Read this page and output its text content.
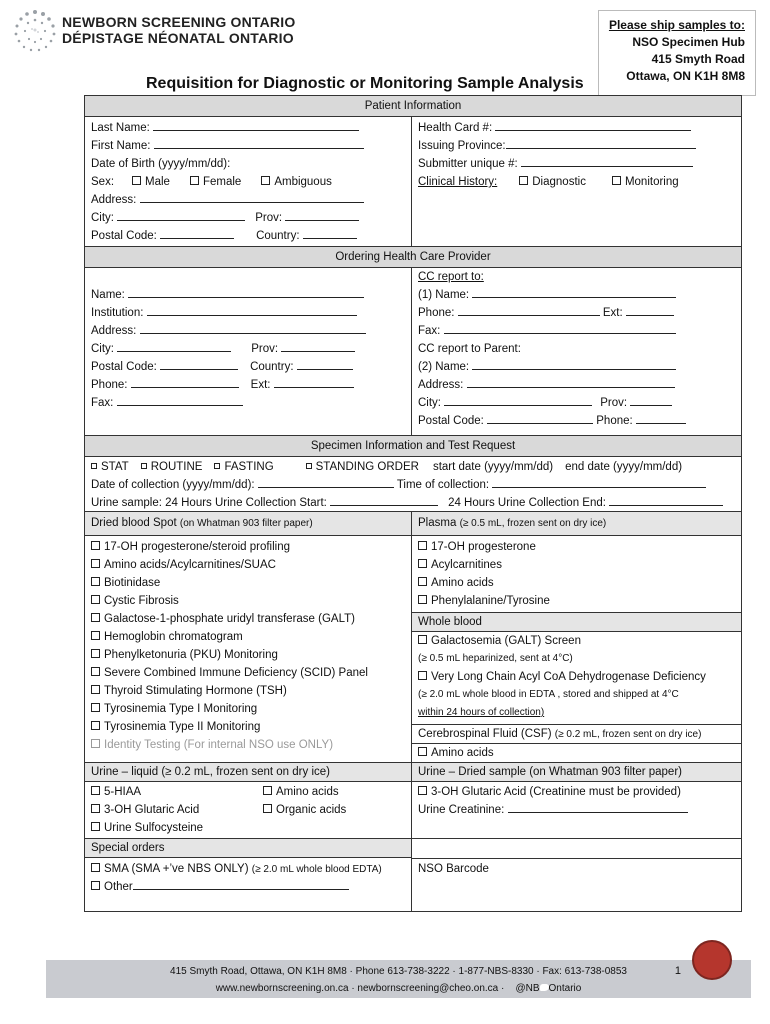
NEWBORN SCREENING ONTARIO
DÉPISTAGE NÉONATAL ONTARIO
Please ship samples to:
NSO Specimen Hub
415 Smyth Road
Ottawa, ON K1H 8M8
Requisition for Diagnostic or Monitoring Sample Analysis
Patient Information
Last Name:
First Name:
Date of Birth (yyyy/mm/dd):
Sex:	Male	Female	Ambiguous
Address:
City:	Prov:
Postal Code:	Country:
Health Card #:
Issuing Province:
Submitter unique #:
Clinical History:	Diagnostic	Monitoring
Ordering Health Care Provider
Name:
Institution:
Address:
City:	Prov:
Postal Code:	Country:
Phone:	Ext:
Fax:
CC report to:
(1) Name:
Phone:	Ext:
Fax:
CC report to Parent:
(2) Name:
Address:
City:	Prov:
Postal Code:	Phone:
Specimen Information and Test Request
STAT ROUTINE FASTING	STANDING ORDER start date (yyyy/mm/dd) end date (yyyy/mm/dd)
Date of collection (yyyy/mm/dd):	Time of collection:
Urine sample: 24 Hours Urine Collection Start:	24 Hours Urine Collection End:
Dried blood Spot (on Whatman 903 filter paper)
17-OH progesterone/steroid profiling
Amino acids/Acylcarnitines/SUAC
Biotinidase
Cystic Fibrosis
Galactose-1-phosphate uridyl transferase (GALT)
Hemoglobin chromatogram
Phenylketonuria (PKU) Monitoring
Severe Combined Immune Deficiency (SCID) Panel
Thyroid Stimulating Hormone (TSH)
Tyrosinemia Type I Monitoring
Tyrosinemia Type II Monitoring
Identity Testing (For internal NSO use ONLY)
Urine – liquid (≥ 0.2 mL, frozen sent on dry ice)
5-HIAA	Amino acids
3-OH Glutaric Acid	Organic acids
Urine Sulfocysteine
Special orders
SMA (SMA +’ve NBS ONLY) (≥ 2.0 mL whole blood EDTA)
Other
Plasma (≥ 0.5 mL, frozen sent on dry ice)
17-OH progesterone
Acylcarnitines
Amino acids
Phenylalanine/Tyrosine
Whole blood
Galactosemia (GALT) Screen
(≥ 0.5 mL heparinized, sent at 4°C)
Very Long Chain Acyl CoA Dehydrogenase Deficiency
(≥ 2.0 mL whole blood in EDTA , stored and shipped at 4°C
within 24 hours of collection)
Cerebrospinal Fluid (CSF) (≥ 0.2 mL, frozen sent on dry ice)
Amino acids
Urine – Dried sample (on Whatman 903 filter paper)
3-OH Glutaric Acid (Creatinine must be provided)
Urine Creatinine:
NSO Barcode
415 Smyth Road, Ottawa, ON K1H 8M8 · Phone 613-738-3222 · 1-877-NBS-8330 · Fax: 613-738-0853
www.newbornscreening.on.ca · newbornscreening@cheo.on.ca · @NB Ontario
1
